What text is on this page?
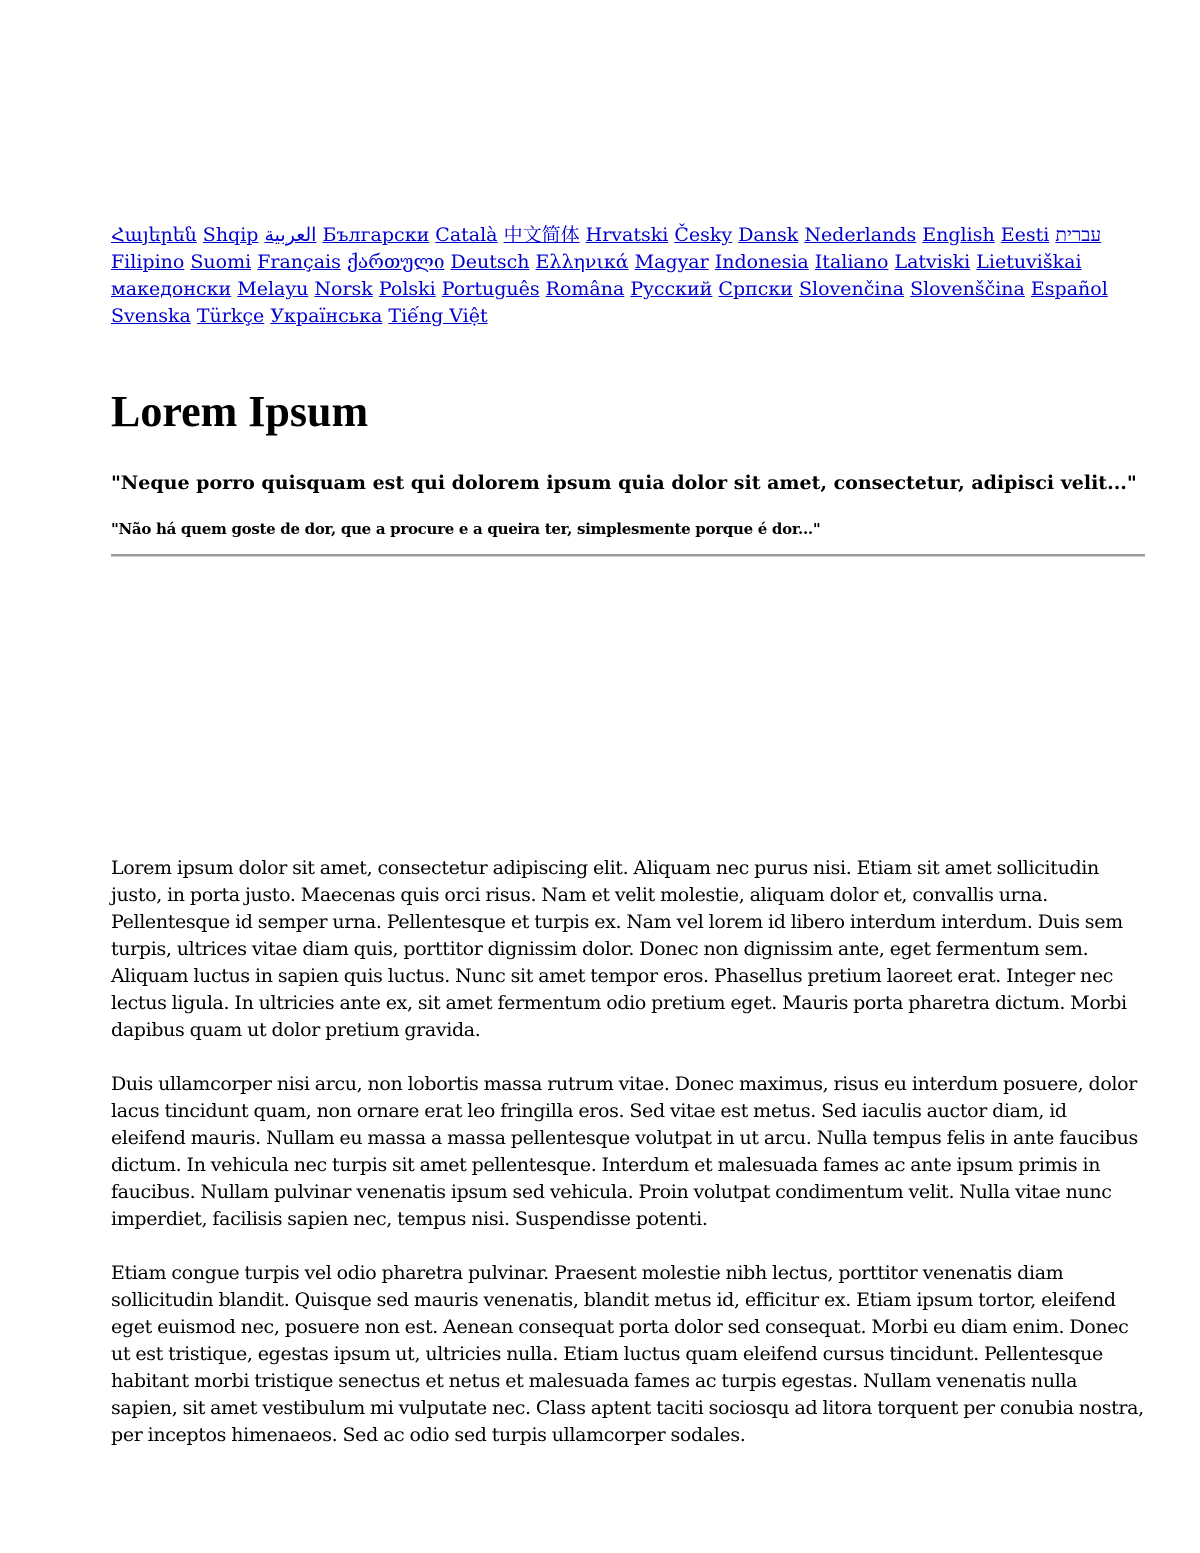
Հայերեն Shqip ‪العربية Български Català 中文简体 Hrvatski Česky Dansk Nederlands English Eesti עברית Filipino Suomi Français ქართული Deutsch Ελληνικά Magyar Indonesia Italiano Latviski Lietuviškai македонски Melayu Norsk Polski Português Româna Pyccкий Српски Slovenčina Slovenščina Español Svenska Türkçe Українська Tiếng Việt
Lorem Ipsum
"Neque porro quisquam est qui dolorem ipsum quia dolor sit amet, consectetur, adipisci velit..."
"Não há quem goste de dor, que a procure e a queira ter, simplesmente porque é dor..."

Lorem ipsum dolor sit amet, consectetur adipiscing elit. Aliquam nec purus nisi. Etiam sit amet sollicitudin justo, in porta justo. Maecenas quis orci risus. Nam et velit molestie, aliquam dolor et, convallis urna. Pellentesque id semper urna. Pellentesque et turpis ex. Nam vel lorem id libero interdum interdum. Duis sem turpis, ultrices vitae diam quis, porttitor dignissim dolor. Donec non dignissim ante, eget fermentum sem. Aliquam luctus in sapien quis luctus. Nunc sit amet tempor eros. Phasellus pretium laoreet erat. Integer nec lectus ligula. In ultricies ante ex, sit amet fermentum odio pretium eget. Mauris porta pharetra dictum. Morbi dapibus quam ut dolor pretium gravida.

Duis ullamcorper nisi arcu, non lobortis massa rutrum vitae. Donec maximus, risus eu interdum posuere, dolor lacus tincidunt quam, non ornare erat leo fringilla eros. Sed vitae est metus. Sed iaculis auctor diam, id eleifend mauris. Nullam eu massa a massa pellentesque volutpat in ut arcu. Nulla tempus felis in ante faucibus dictum. In vehicula nec turpis sit amet pellentesque. Interdum et malesuada fames ac ante ipsum primis in faucibus. Nullam pulvinar venenatis ipsum sed vehicula. Proin volutpat condimentum velit. Nulla vitae nunc imperdiet, facilisis sapien nec, tempus nisi. Suspendisse potenti.

Etiam congue turpis vel odio pharetra pulvinar. Praesent molestie nibh lectus, porttitor venenatis diam sollicitudin blandit. Quisque sed mauris venenatis, blandit metus id, efficitur ex. Etiam ipsum tortor, eleifend eget euismod nec, posuere non est. Aenean consequat porta dolor sed consequat. Morbi eu diam enim. Donec ut est tristique, egestas ipsum ut, ultricies nulla. Etiam luctus quam eleifend cursus tincidunt. Pellentesque habitant morbi tristique senectus et netus et malesuada fames ac turpis egestas. Nullam venenatis nulla sapien, sit amet vestibulum mi vulputate nec. Class aptent taciti sociosqu ad litora torquent per conubia nostra, per inceptos himenaeos. Sed ac odio sed turpis ullamcorper sodales.
